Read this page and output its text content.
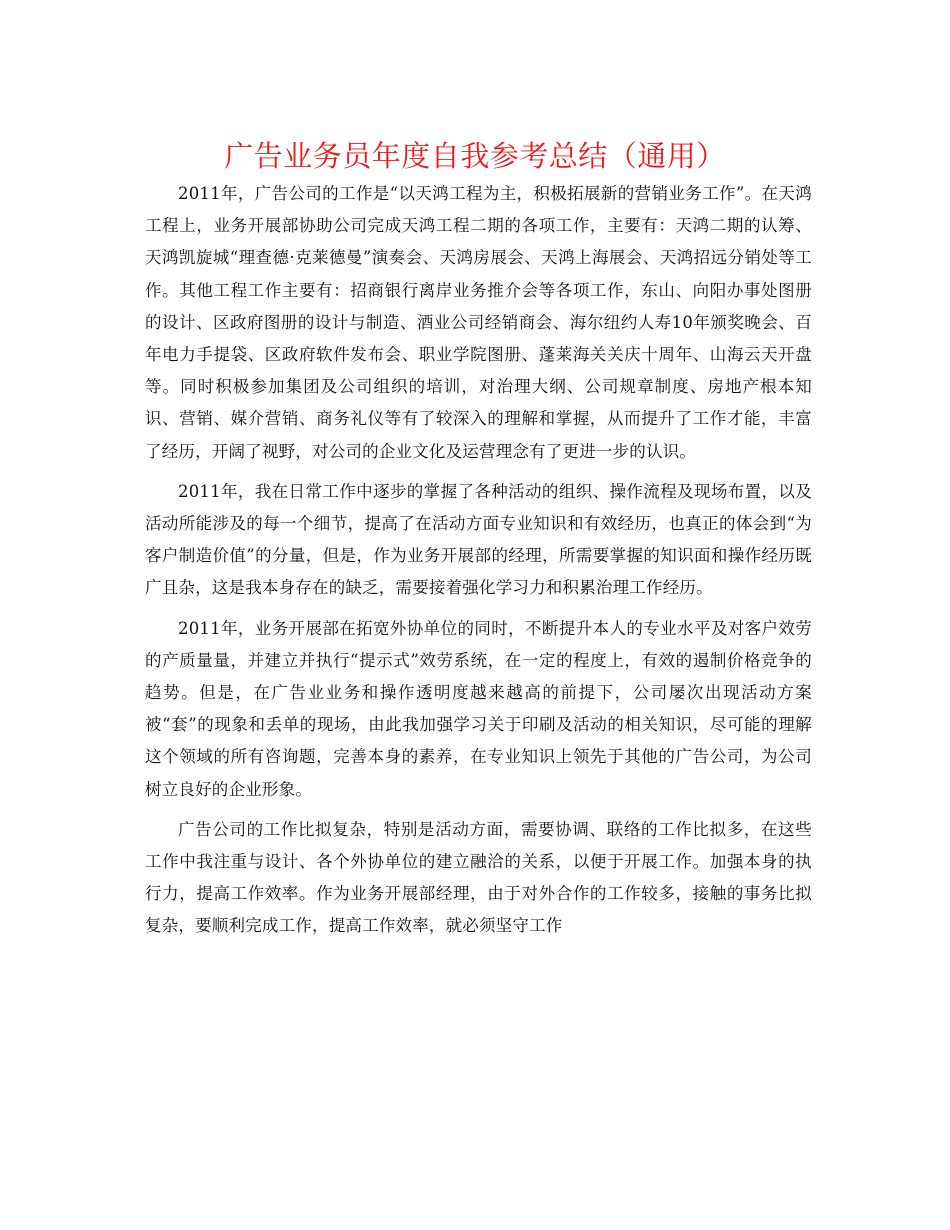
广告业务员年度自我参考总结（通用）

2011年，广告公司的工作是“以天鸿工程为主，积极拓展新的营销业务工作”。在天鸿工程上，业务开展部协助公司完成天鸿工程二期的各项工作，主要有：天鸿二期的认筹、天鸿凯旋城“理查德·克莱德曼”演奏会、天鸿房展会、天鸿上海展会、天鸿招远分销处等工作。其他工程工作主要有：招商银行离岸业务推介会等各项工作，东山、向阳办事处图册的设计、区政府图册的设计与制造、酒业公司经销商会、海尔纽约人寿10年颁奖晚会、百年电力手提袋、区政府软件发布会、职业学院图册、蓬莱海关关庆十周年、山海云天开盘等。同时积极参加集团及公司组织的培训，对治理大纲、公司规章制度、房地产根本知识、营销、媒介营销、商务礼仪等有了较深入的理解和掌握，从而提升了工作才能，丰富了经历，开阔了视野，对公司的企业文化及运营理念有了更进一步的认识。

2011年，我在日常工作中逐步的掌握了各种活动的组织、操作流程及现场布置，以及活动所能涉及的每一个细节，提高了在活动方面专业知识和有效经历，也真正的体会到“为客户制造价值”的分量，但是，作为业务开展部的经理，所需要掌握的知识面和操作经历既广且杂，这是我本身存在的缺乏，需要接着强化学习力和积累治理工作经历。

2011年，业务开展部在拓宽外协单位的同时，不断提升本人的专业水平及对客户效劳的产质量量，并建立并执行“提示式”效劳系统，在一定的程度上，有效的遏制价格竞争的趋势。但是，在广告业业务和操作透明度越来越高的前提下，公司屡次出现活动方案被“套”的现象和丢单的现场，由此我加强学习关于印刷及活动的相关知识，尽可能的理解这个领域的所有咨询题，完善本身的素养，在专业知识上领先于其他的广告公司，为公司树立良好的企业形象。

广告公司的工作比拟复杂，特别是活动方面，需要协调、联络的工作比拟多，在这些工作中我注重与设计、各个外协单位的建立融洽的关系，以便于开展工作。加强本身的执行力，提高工作效率。作为业务开展部经理，由于对外合作的工作较多，接触的事务比拟复杂，要顺利完成工作，提高工作效率，就必须坚守工作
